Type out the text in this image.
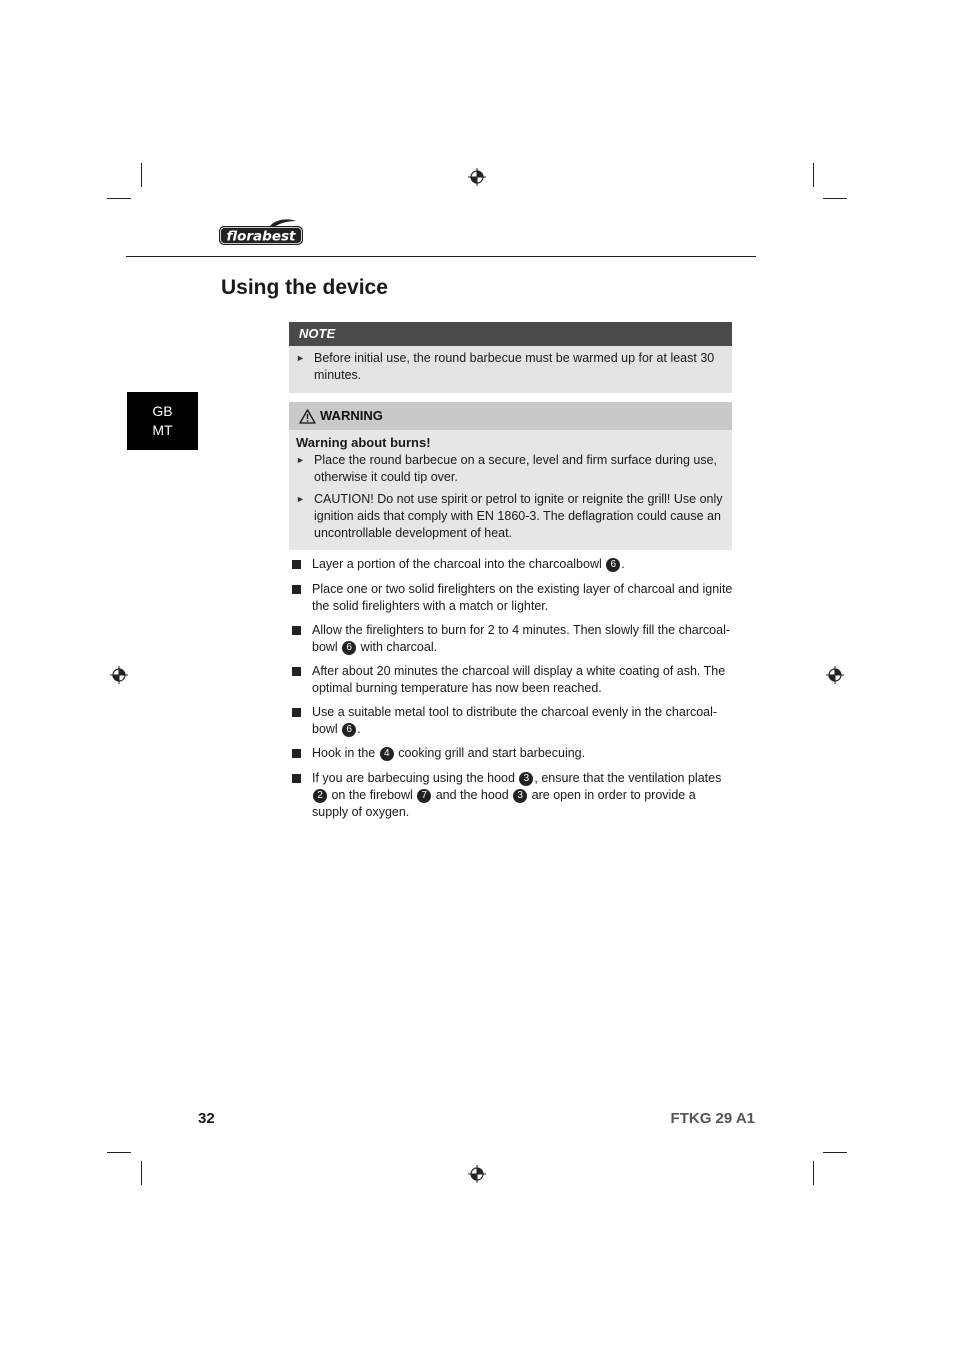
florabest
Using the device
GB
MT
NOTE
► Before initial use, the round barbecue must be warmed up for at least 30 minutes.
WARNING
Warning about burns!
► Place the round barbecue on a secure, level and firm surface during use, otherwise it could tip over.
► CAUTION! Do not use spirit or petrol to ignite or reignite the grill! Use only ignition aids that comply with EN 1860-3. The deflagration could cause an uncontrollable development of heat.
Layer a portion of the charcoal into the charcoalbowl 6 .
Place one or two solid firelighters on the existing layer of charcoal and ignite the solid firelighters with a match or lighter.
Allow the firelighters to burn for 2 to 4 minutes. Then slowly fill the charcoal-bowl 6 with charcoal.
After about 20 minutes the charcoal will display a white coating of ash. The optimal burning temperature has now been reached.
Use a suitable metal tool to distribute the charcoal evenly in the charcoal-bowl 6 .
Hook in the 4 cooking grill and start barbecuing.
If you are barbecuing using the hood 3 , ensure that the ventilation plates 2 on the firebowl 7 and the hood 3 are open in order to provide a supply of oxygen.
32	FTKG 29 A1
